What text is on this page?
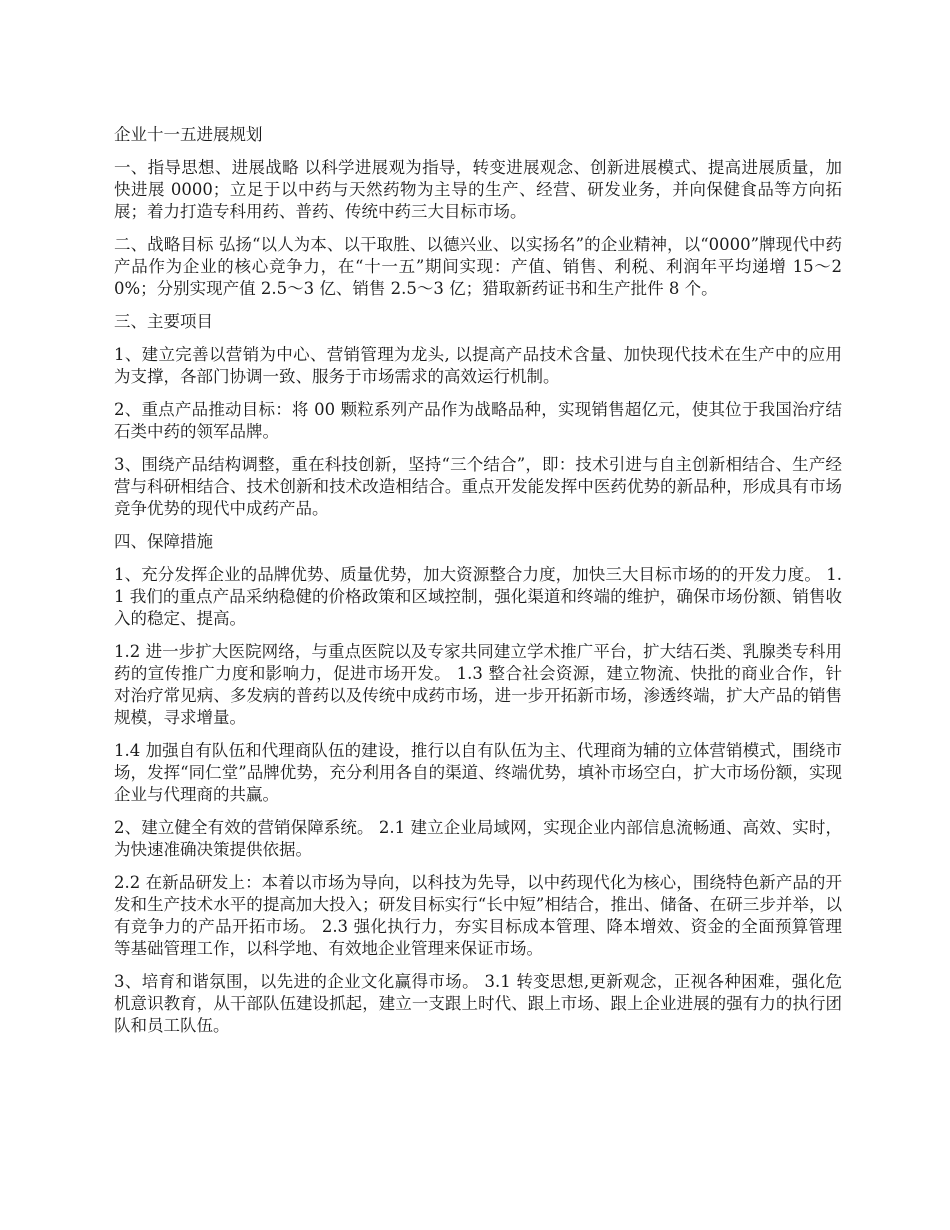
企业十一五进展规划

一、指导思想、进展战略 以科学进展观为指导，转变进展观念、创新进展模式、提高进展质量，加快进展 0000；立足于以中药与天然药物为主导的生产、经营、研发业务，并向保健食品等方向拓展；着力打造专科用药、普药、传统中药三大目标市场。

二、战略目标 弘扬“以人为本、以干取胜、以德兴业、以实扬名”的企业精神，以“0000”牌现代中药产品作为企业的核心竞争力，在“十一五”期间实现：产值、销售、利税、利润年平均递增 15～20%；分别实现产值 2.5～3 亿、销售 2.5～3 亿；猎取新药证书和生产批件 8 个。

三、主要项目

1、建立完善以营销为中心、营销管理为龙头, 以提高产品技术含量、加快现代技术在生产中的应用为支撑，各部门协调一致、服务于市场需求的高效运行机制。

2、重点产品推动目标：将 00 颗粒系列产品作为战略品种，实现销售超亿元，使其位于我国治疗结石类中药的领军品牌。

3、围绕产品结构调整，重在科技创新，坚持“三个结合”，即：技术引进与自主创新相结合、生产经营与科研相结合、技术创新和技术改造相结合。重点开发能发挥中医药优势的新品种，形成具有市场竞争优势的现代中成药产品。

四、保障措施

1、充分发挥企业的品牌优势、质量优势，加大资源整合力度，加快三大目标市场的的开发力度。 1.1 我们的重点产品采纳稳健的价格政策和区域控制，强化渠道和终端的维护，确保市场份额、销售收入的稳定、提高。

1.2 进一步扩大医院网络，与重点医院以及专家共同建立学术推广平台，扩大结石类、乳腺类专科用药的宣传推广力度和影响力，促进市场开发。 1.3 整合社会资源，建立物流、快批的商业合作，针对治疗常见病、多发病的普药以及传统中成药市场，进一步开拓新市场，渗透终端，扩大产品的销售规模，寻求增量。

1.4 加强自有队伍和代理商队伍的建设，推行以自有队伍为主、代理商为辅的立体营销模式，围绕市场，发挥“同仁堂”品牌优势，充分利用各自的渠道、终端优势，填补市场空白，扩大市场份额，实现企业与代理商的共赢。

2、建立健全有效的营销保障系统。 2.1 建立企业局域网，实现企业内部信息流畅通、高效、实时，为快速准确决策提供依据。

2.2 在新品研发上：本着以市场为导向，以科技为先导，以中药现代化为核心，围绕特色新产品的开发和生产技术水平的提高加大投入；研发目标实行“长中短”相结合，推出、储备、在研三步并举，以有竞争力的产品开拓市场。 2.3 强化执行力，夯实目标成本管理、降本增效、资金的全面预算管理等基础管理工作，以科学地、有效地企业管理来保证市场。

3、培育和谐氛围，以先进的企业文化赢得市场。 3.1 转变思想,更新观念，正视各种困难，强化危机意识教育，从干部队伍建设抓起，建立一支跟上时代、跟上市场、跟上企业进展的强有力的执行团队和员工队伍。
